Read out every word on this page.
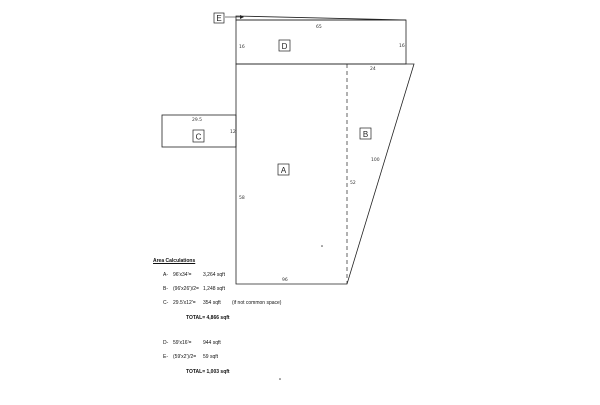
E
D
C	B
A
65
16	16
24
29.5
12
58
52
100
96
Area Calculations
A- 96'x34'= 3,264 sqft
B- (96'x26')/2= 1,248 sqft
C- 29.5'x12'= 354 sqft (if not common space)
TOTAL= 4,866 sqft
D- 59'x16'= 944 sqft
E- (59'x2')/2= 59 sqft
TOTAL= 1,003 sqft
